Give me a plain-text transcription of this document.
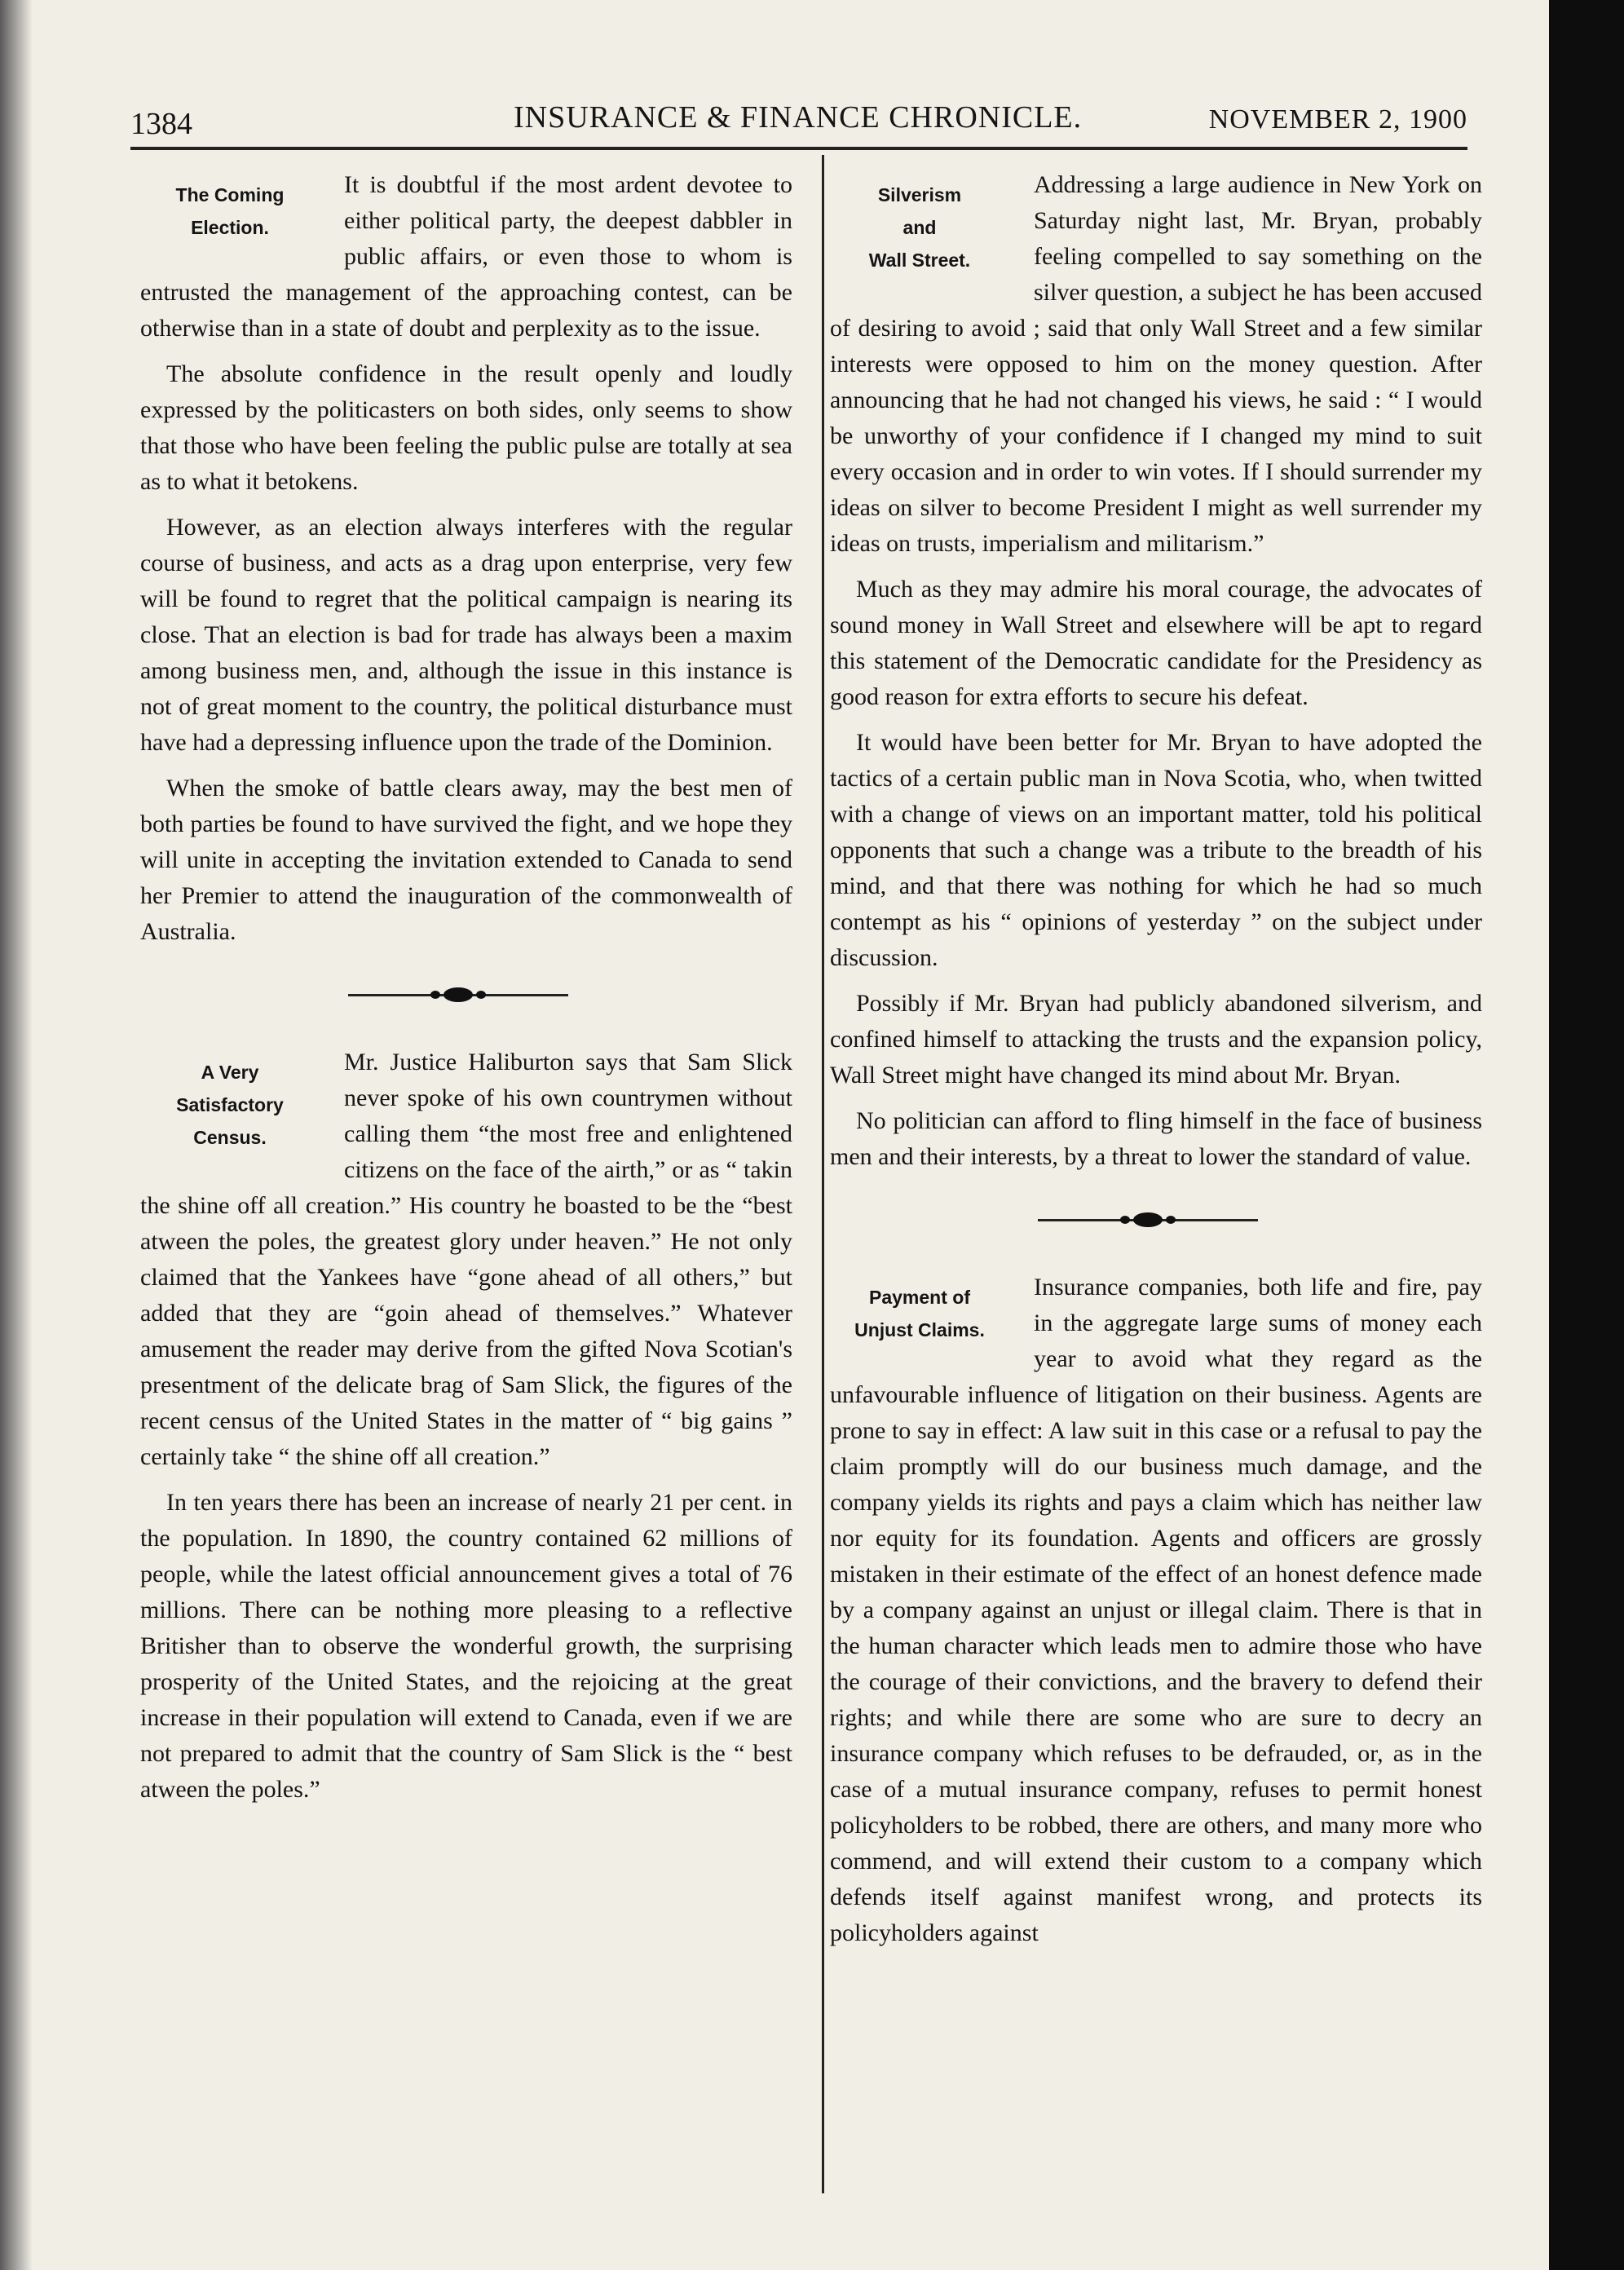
1384	INSURANCE & FINANCE CHRONICLE.	NOVEMBER 2, 1900
The Coming
Election.

It is doubtful if the most ardent devotee to either political party, the deepest dabbler in public affairs, or even those to whom is entrusted the management of the approaching contest, can be otherwise than in a state of doubt and perplexity as to the issue.

The absolute confidence in the result openly and loudly expressed by the politicasters on both sides, only seems to show that those who have been feeling the public pulse are totally at sea as to what it betokens.

However, as an election always interferes with the regular course of business, and acts as a drag upon enterprise, very few will be found to regret that the political campaign is nearing its close. That an election is bad for trade has always been a maxim among business men, and, although the issue in this instance is not of great moment to the country, the political disturbance must have had a depressing influence upon the trade of the Dominion.

When the smoke of battle clears away, may the best men of both parties be found to have survived the fight, and we hope they will unite in accepting the invitation extended to Canada to send her Premier to attend the inauguration of the commonwealth of Australia.

A Very
Satisfactory
Census.

Mr. Justice Haliburton says that Sam Slick never spoke of his own countrymen without calling them “the most free and enlightened citizens on the face of the airth,” or as “ takin the shine off all creation.” His country he boasted to be the “best atween the poles, the greatest glory under heaven.” He not only claimed that the Yankees have “gone ahead of all others,” but added that they are “goin ahead of themselves.” Whatever amusement the reader may derive from the gifted Nova Scotian's presentment of the delicate brag of Sam Slick, the figures of the recent census of the United States in the matter of “ big gains ” certainly take “ the shine off all creation.”

In ten years there has been an increase of nearly 21 per cent. in the population. In 1890, the country contained 62 millions of people, while the latest official announcement gives a total of 76 millions. There can be nothing more pleasing to a reflective Britisher than to observe the wonderful growth, the surprising prosperity of the United States, and the rejoicing at the great increase in their population will extend to Canada, even if we are not prepared to admit that the country of Sam Slick is the “ best atween the poles.”

Silverism
and
Wall Street.

Addressing a large audience in New York on Saturday night last, Mr. Bryan, probably feeling compelled to say something on the silver question, a subject he has been accused of desiring to avoid ; said that only Wall Street and a few similar interests were opposed to him on the money question. After announcing that he had not changed his views, he said : “ I would be unworthy of your confidence if I changed my mind to suit every occasion and in order to win votes. If I should surrender my ideas on silver to become President I might as well surrender my ideas on trusts, imperialism and militarism.”

Much as they may admire his moral courage, the advocates of sound money in Wall Street and elsewhere will be apt to regard this statement of the Democratic candidate for the Presidency as good reason for extra efforts to secure his defeat.

It would have been better for Mr. Bryan to have adopted the tactics of a certain public man in Nova Scotia, who, when twitted with a change of views on an important matter, told his political opponents that such a change was a tribute to the breadth of his mind, and that there was nothing for which he had so much contempt as his “ opinions of yesterday ” on the subject under discussion.

Possibly if Mr. Bryan had publicly abandoned silverism, and confined himself to attacking the trusts and the expansion policy, Wall Street might have changed its mind about Mr. Bryan.

No politician can afford to fling himself in the face of business men and their interests, by a threat to lower the standard of value.

Payment of
Unjust Claims.

Insurance companies, both life and fire, pay in the aggregate large sums of money each year to avoid what they regard as the unfavourable influence of litigation on their business. Agents are prone to say in effect: A law suit in this case or a refusal to pay the claim promptly will do our business much damage, and the company yields its rights and pays a claim which has neither law nor equity for its foundation. Agents and officers are grossly mistaken in their estimate of the effect of an honest defence made by a company against an unjust or illegal claim. There is that in the human character which leads men to admire those who have the courage of their convictions, and the bravery to defend their rights; and while there are some who are sure to decry an insurance company which refuses to be defrauded, or, as in the case of a mutual insurance company, refuses to permit honest policyholders to be robbed, there are others, and many more who commend, and will extend their custom to a company which defends itself against manifest wrong, and protects its policyholders against
